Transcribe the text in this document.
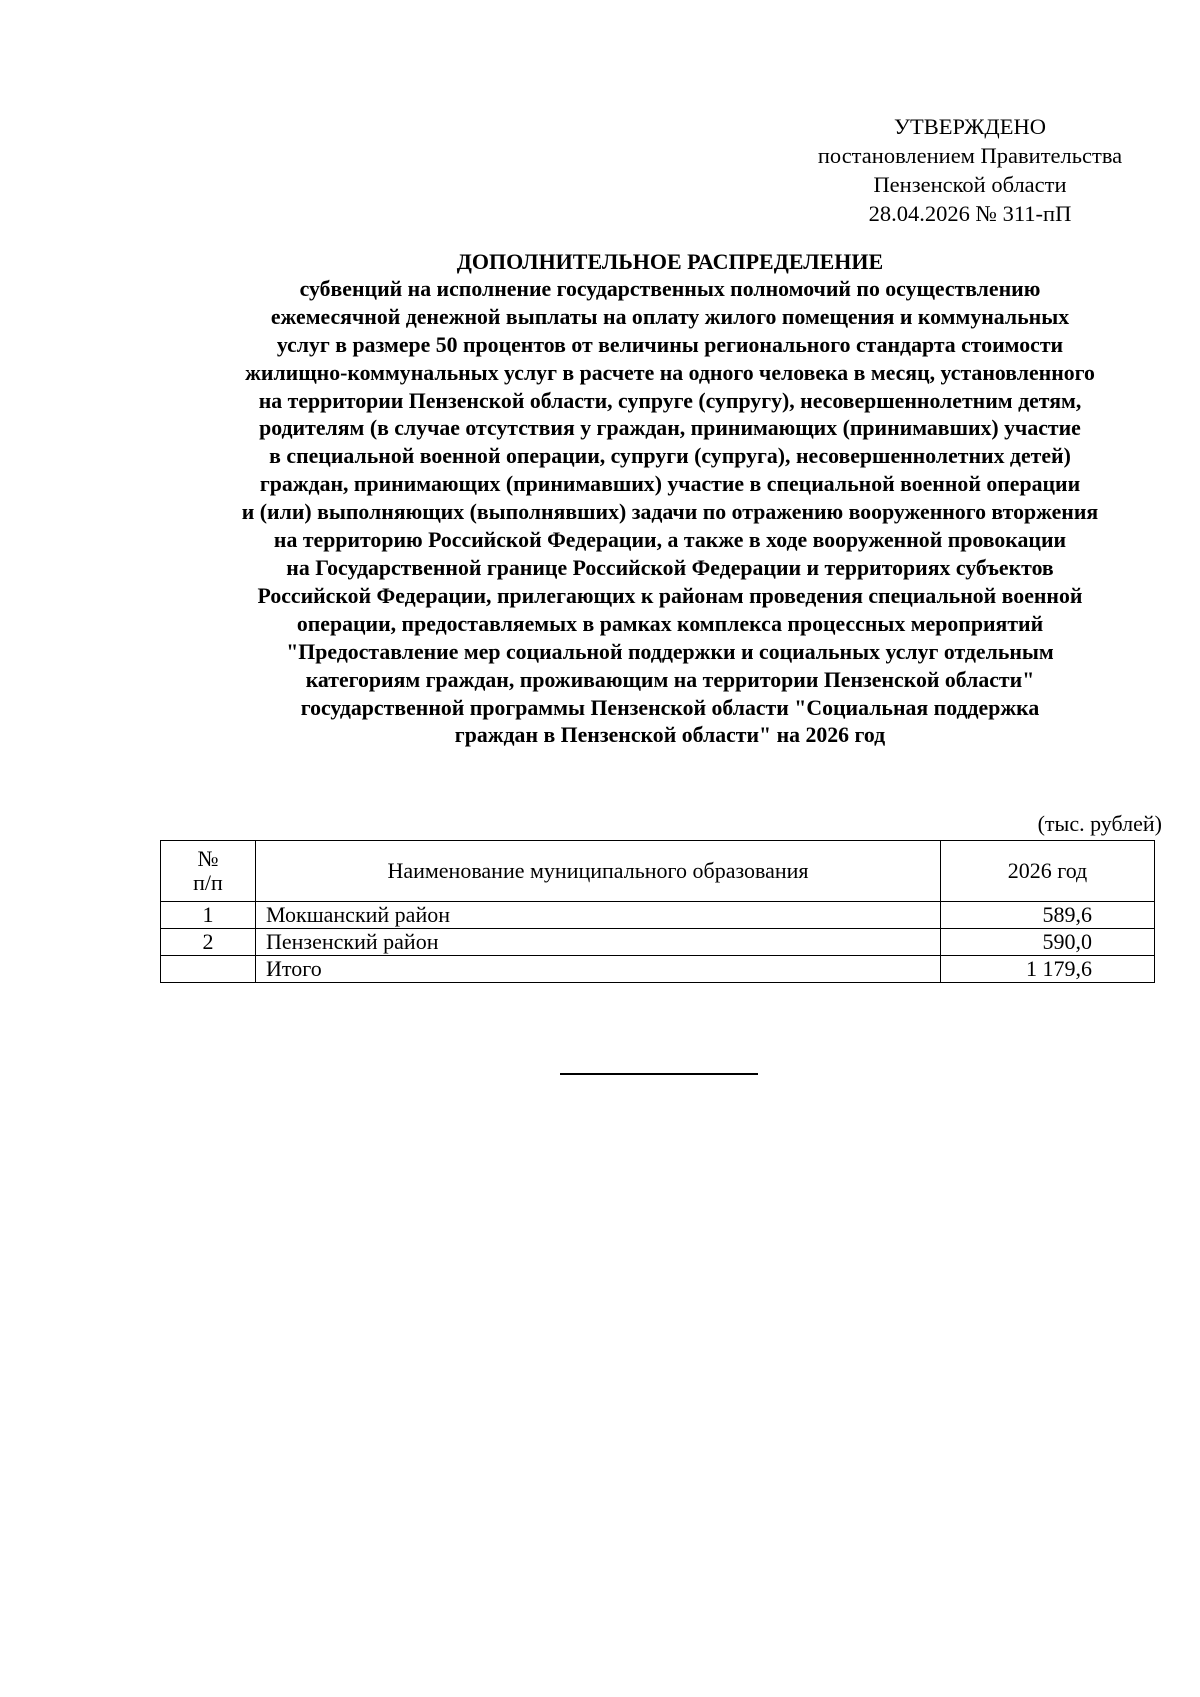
УТВЕРЖДЕНО
постановлением Правительства
Пензенской области
28.04.2026 № 311-пП
ДОПОЛНИТЕЛЬНОЕ РАСПРЕДЕЛЕНИЕ
субвенций на исполнение государственных полномочий по осуществлению
ежемесячной денежной выплаты на оплату жилого помещения и коммунальных
услуг в размере 50 процентов от величины регионального стандарта стоимости
жилищно-коммунальных услуг в расчете на одного человека в месяц, установленного
на территории Пензенской области, супруге (супругу), несовершеннолетним детям,
родителям (в случае отсутствия у граждан, принимающих (принимавших) участие
в специальной военной операции, супруги (супруга), несовершеннолетних детей)
граждан, принимающих (принимавших) участие в специальной военной операции
и (или) выполняющих (выполнявших) задачи по отражению вооруженного вторжения
на территорию Российской Федерации, а также в ходе вооруженной провокации
на Государственной границе Российской Федерации и территориях субъектов
Российской Федерации, прилегающих к районам проведения специальной военной
операции, предоставляемых в рамках комплекса процессных мероприятий
"Предоставление мер социальной поддержки и социальных услуг отдельным
категориям граждан, проживающим на территории Пензенской области"
государственной программы Пензенской области "Социальная поддержка
граждан в Пензенской области" на 2026 год
(тыс. рублей)
№
п/п	Наименование муниципального образования	2026 год
1	Мокшанский район	589,6
2	Пензенский район	590,0
	Итого	1 179,6
